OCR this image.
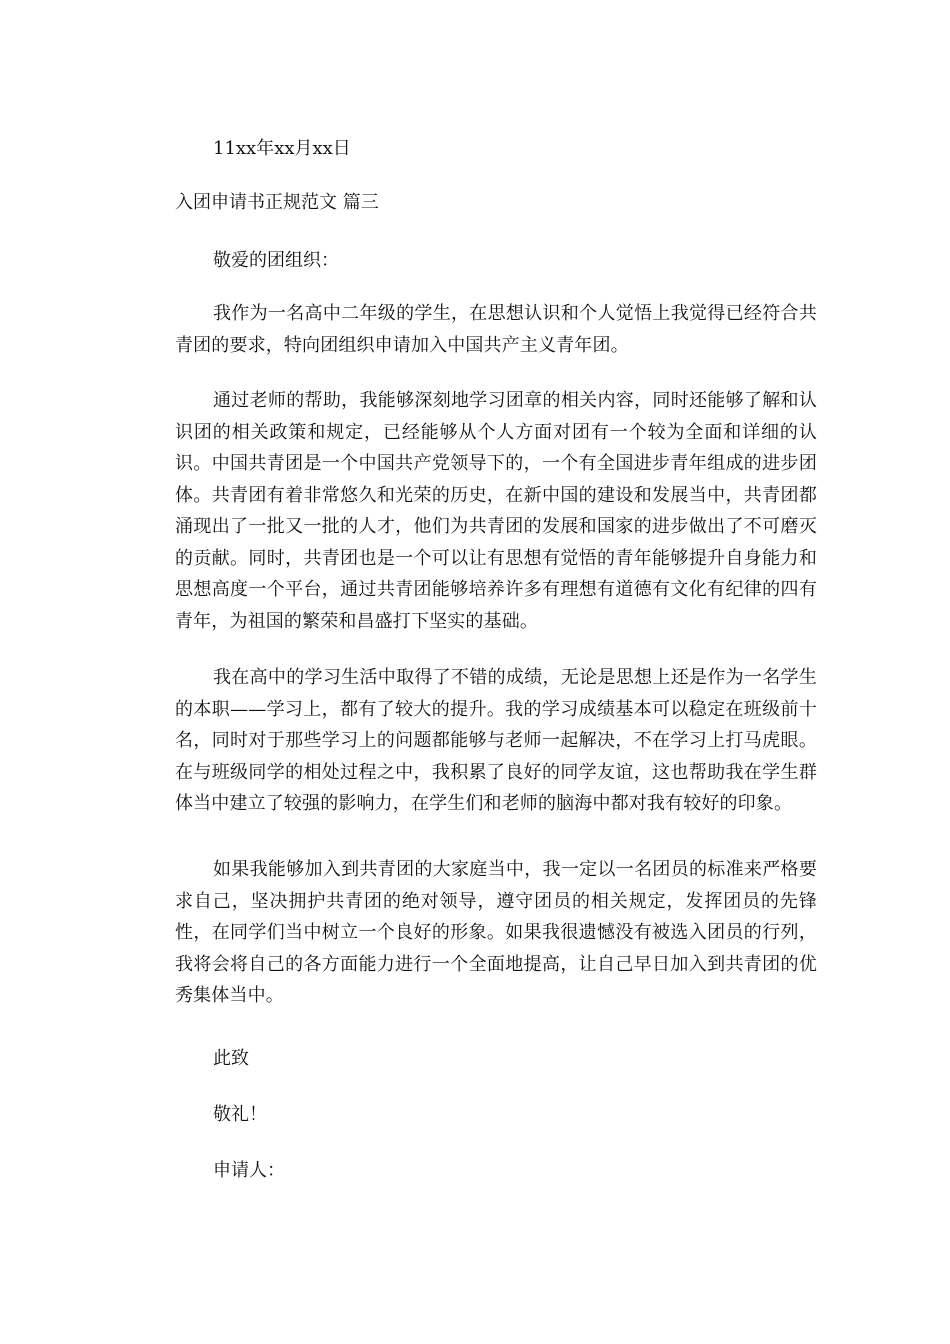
11xx年xx月xx日
入团申请书正规范文 篇三
敬爱的团组织：
我作为一名高中二年级的学生，在思想认识和个人觉悟上我觉得已经符合共青团的要求，特向团组织申请加入中国共产主义青年团。
通过老师的帮助，我能够深刻地学习团章的相关内容，同时还能够了解和认识团的相关政策和规定，已经能够从个人方面对团有一个较为全面和详细的认识。中国共青团是一个中国共产党领导下的，一个有全国进步青年组成的进步团体。共青团有着非常悠久和光荣的历史，在新中国的建设和发展当中，共青团都涌现出了一批又一批的人才，他们为共青团的发展和国家的进步做出了不可磨灭的贡献。同时，共青团也是一个可以让有思想有觉悟的青年能够提升自身能力和思想高度一个平台，通过共青团能够培养许多有理想有道德有文化有纪律的四有青年，为祖国的繁荣和昌盛打下坚实的基础。
我在高中的学习生活中取得了不错的成绩，无论是思想上还是作为一名学生的本职——学习上，都有了较大的提升。我的学习成绩基本可以稳定在班级前十名，同时对于那些学习上的问题都能够与老师一起解决，不在学习上打马虎眼。在与班级同学的相处过程之中，我积累了良好的同学友谊，这也帮助我在学生群体当中建立了较强的影响力，在学生们和老师的脑海中都对我有较好的印象。
如果我能够加入到共青团的大家庭当中，我一定以一名团员的标准来严格要求自己，坚决拥护共青团的绝对领导，遵守团员的相关规定，发挥团员的先锋性，在同学们当中树立一个良好的形象。如果我很遗憾没有被选入团员的行列，我将会将自己的各方面能力进行一个全面地提高，让自己早日加入到共青团的优秀集体当中。
此致
敬礼！
申请人：
